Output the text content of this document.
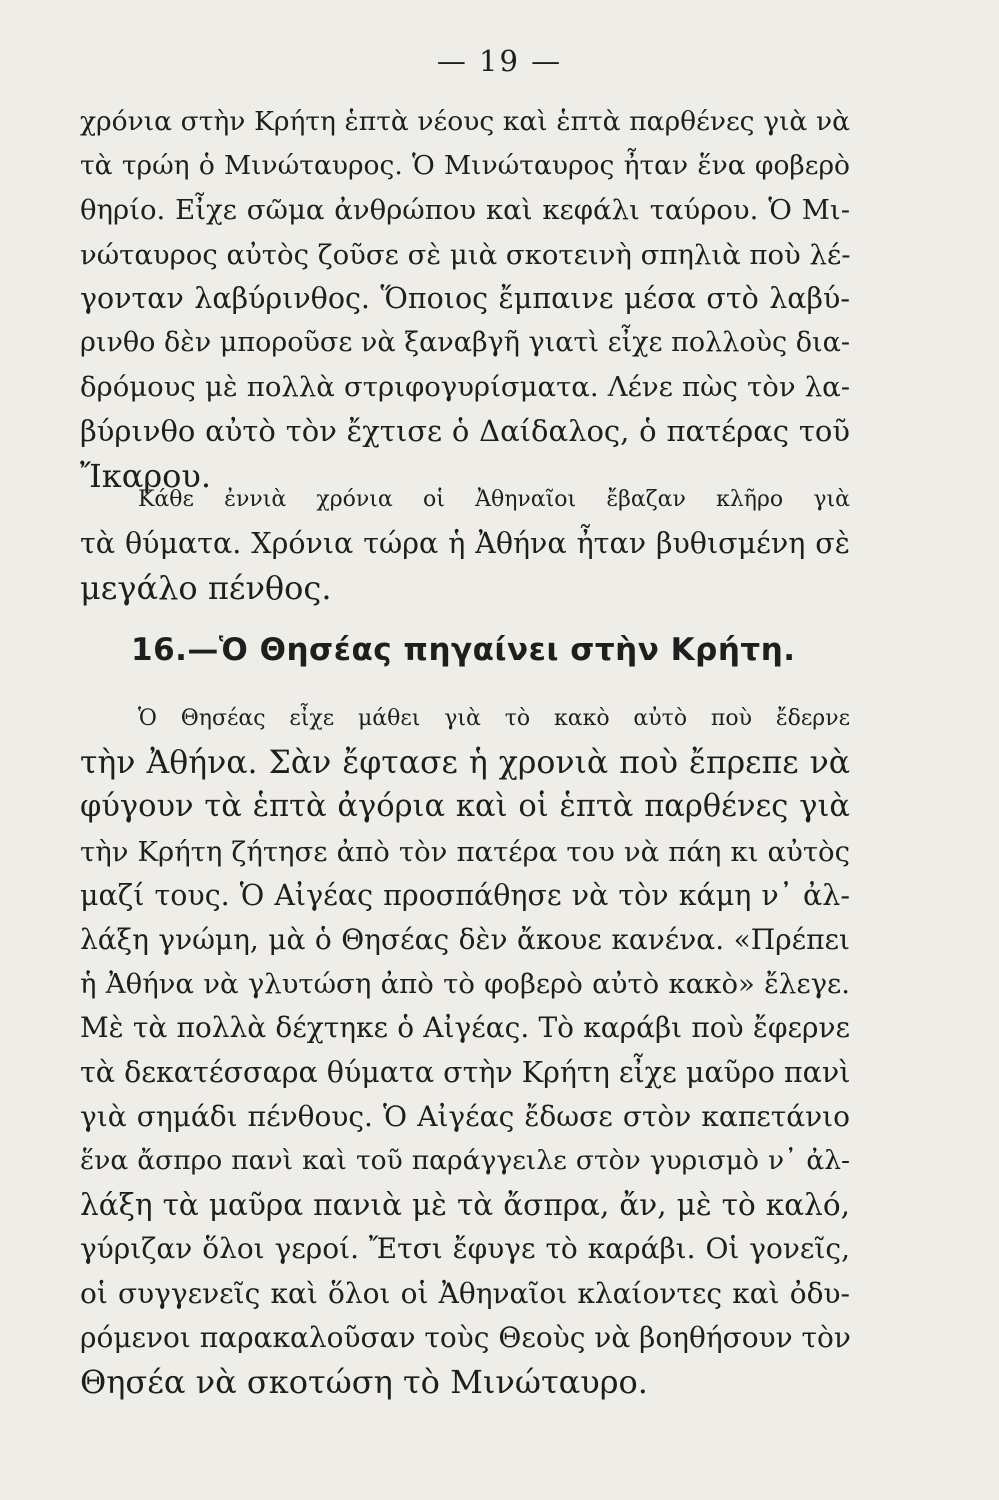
— 19 —
χρόνια στὴν Κρήτη ἑπτὰ νέους καὶ ἑπτὰ παρθένες γιὰ νὰ
τὰ τρώη ὁ Μινώταυρος. Ὁ Μινώταυρος ἦταν ἕνα φοβερὸ
θηρίο. Εἶχε σῶμα ἀνθρώπου καὶ κεφάλι ταύρου. Ὁ Μι-
νώταυρος αὐτὸς ζοῦσε σὲ μιὰ σκοτεινὴ σπηλιὰ ποὺ λέ-
γονταν λαβύρινθος. Ὅποιος ἔμπαινε μέσα στὸ λαβύ-
ρινθο δὲν μποροῦσε νὰ ξαναβγῆ γιατὶ εἶχε πολλοὺς δια-
δρόμους μὲ πολλὰ στριφογυρίσματα. Λένε πὼς τὸν λα-
βύρινθο αὐτὸ τὸν ἔχτισε ὁ Δαίδαλος, ὁ πατέρας τοῦ
Ἴκαρου.
Κάθε ἐννιὰ χρόνια οἱ Ἀθηναῖοι ἔβαζαν κλῆρο γιὰ
τὰ θύματα. Χρόνια τώρα ἡ Ἀθήνα ἦταν βυθισμένη σὲ
μεγάλο πένθος.
16.—Ὁ Θησέας πηγαίνει στὴν Κρήτη.
Ὁ Θησέας εἶχε μάθει γιὰ τὸ κακὸ αὐτὸ ποὺ ἔδερνε
τὴν Ἀθήνα. Σὰν ἔφτασε ἡ χρονιὰ ποὺ ἔπρεπε νὰ
φύγουν τὰ ἑπτὰ ἀγόρια καὶ οἱ ἑπτὰ παρθένες γιὰ
τὴν Κρήτη ζήτησε ἀπὸ τὸν πατέρα του νὰ πάη κι αὐτὸς
μαζί τους. Ὁ Αἰγέας προσπάθησε νὰ τὸν κάμη ν᾽ ἀλ-
λάξη γνώμη, μὰ ὁ Θησέας δὲν ἄκουε κανένα. «Πρέπει
ἡ Ἀθήνα νὰ γλυτώση ἀπὸ τὸ φοβερὸ αὐτὸ κακὸ» ἔλεγε.
Μὲ τὰ πολλὰ δέχτηκε ὁ Αἰγέας. Τὸ καράβι ποὺ ἔφερνε
τὰ δεκατέσσαρα θύματα στὴν Κρήτη εἶχε μαῦρο πανὶ
γιὰ σημάδι πένθους. Ὁ Αἰγέας ἔδωσε στὸν καπετάνιο
ἕνα ἄσπρο πανὶ καὶ τοῦ παράγγειλε στὸν γυρισμὸ ν᾽ ἀλ-
λάξη τὰ μαῦρα πανιὰ μὲ τὰ ἄσπρα, ἄν, μὲ τὸ καλό,
γύριζαν ὅλοι γεροί. Ἔτσι ἔφυγε τὸ καράβι. Οἱ γονεῖς,
οἱ συγγενεῖς καὶ ὅλοι οἱ Ἀθηναῖοι κλαίοντες καὶ ὀδυ-
ρόμενοι παρακαλοῦσαν τοὺς Θεοὺς νὰ βοηθήσουν τὸν
Θησέα νὰ σκοτώση τὸ Μινώταυρο.
